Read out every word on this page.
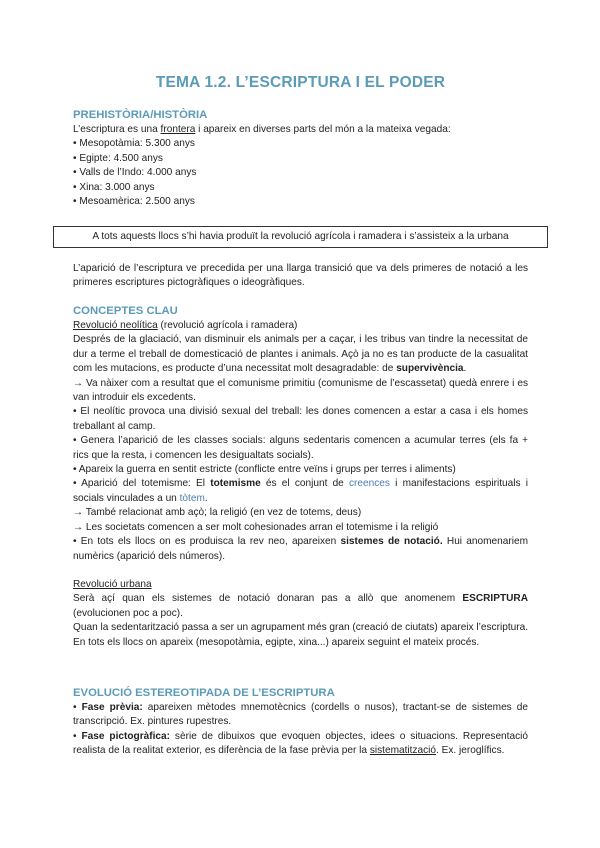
TEMA 1.2. L’ESCRIPTURA I EL PODER
PREHISTÒRIA/HISTÒRIA

L’escriptura es una frontera i apareix en diverses parts del món a la mateixa vegada:

• Mesopotàmia: 5.300 anys

• Egipte: 4.500 anys

• Valls de l’Indo: 4.000 anys

• Xina: 3.000 anys

• Mesoamèrica: 2.500 anys

A tots aquests llocs s’hi havia produït la revolució agrícola i ramadera i s’assisteix a la urbana

L’aparició de l’escriptura ve precedida per una llarga transició que va dels primeres de notació a les primeres escriptures pictogràfiques o ideogràfiques.

CONCEPTES CLAU

Revolució neolítica (revolució agrícola i ramadera)

Després de la glaciació, van disminuir els animals per a caçar, i les tribus van tindre la necessitat de dur a terme el treball de domesticació de plantes i animals. Açò ja no es tan producte de la casualitat com les mutacions, es producte d’una necessitat molt desagradable: de supervivència.

→ Va nàixer com a resultat que el comunisme primitiu (comunisme de l’escassetat) quedà enrere i es van introduir els excedents.

• El neolític provoca una divisió sexual del treball: les dones comencen a estar a casa i els homes treballant al camp.

• Genera l’aparició de les classes socials: alguns sedentaris comencen a acumular terres (els fa + rics que la resta, i comencen les desigualtats socials).

• Apareix la guerra en sentit estricte (conflicte entre veïns i grups per terres i aliments)

• Aparició del totemisme: El totemisme és el conjunt de creences i manifestacions espirituals i socials vinculades a un tòtem.

→ També relacionat amb açò; la religió (en vez de totems, deus)

→ Les societats comencen a ser molt cohesionades arran el totemisme i la religió

• En tots els llocs on es produisca la rev neo, apareixen sistemes de notació. Hui anomenariem numèrics (aparició dels números).

Revolució urbana

Serà açí quan els sistemes de notació donaran pas a allò que anomenem ESCRIPTURA (evolucionen poc a poc).

Quan la sedentarització passa a ser un agrupament més gran (creació de ciutats) apareix l’escriptura. En tots els llocs on apareix (mesopotàmia, egipte, xina...) apareix seguint el mateix procés.

EVOLUCIÓ ESTEREOTIPADA DE L’ESCRIPTURA

• Fase prèvia: apareixen mètodes mnemotècnics (cordells o nusos), tractant-se de sistemes de transcripció. Ex. pintures rupestres.

• Fase pictogràfica: sèrie de dibuixos que evoquen objectes, idees o situacions. Representació realista de la realitat exterior, es diferència de la fase prèvia per la sistematització. Ex. jeroglífics.
